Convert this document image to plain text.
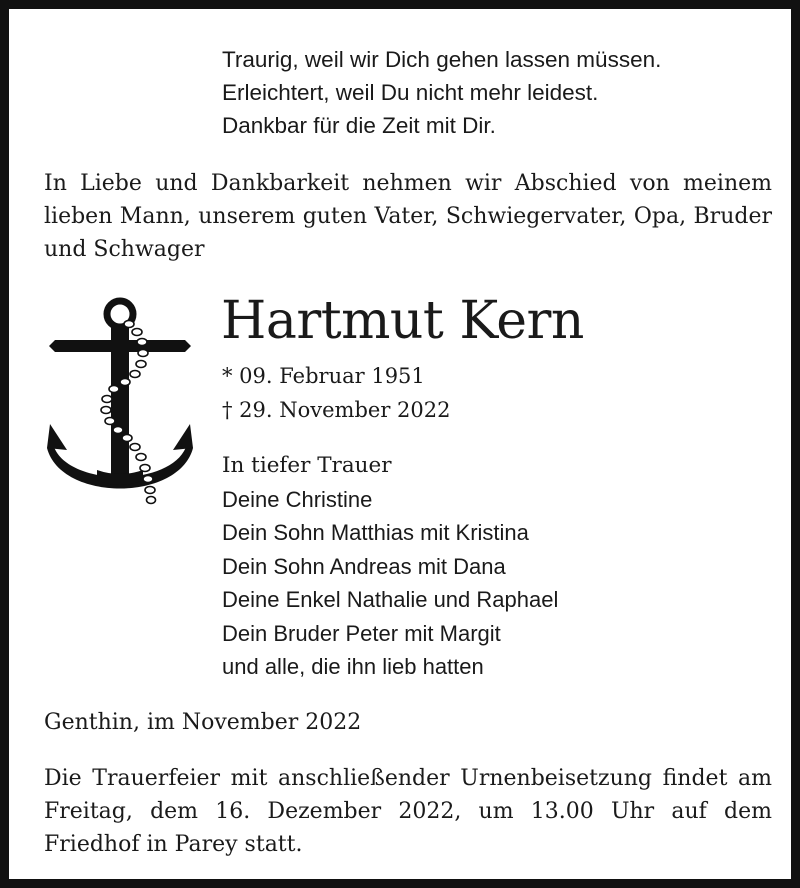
Traurig, weil wir Dich gehen lassen müssen.
Erleichtert, weil Du nicht mehr leidest.
Dankbar für die Zeit mit Dir.
In Liebe und Dankbarkeit nehmen wir Abschied von meinem lieben Mann, unserem guten Vater, Schwiegervater, Opa, Bruder und Schwager
Hartmut Kern
* 09. Februar 1951
† 29. November 2022
In tiefer Trauer
Deine Christine
Dein Sohn Matthias mit Kristina
Dein Sohn Andreas mit Dana
Deine Enkel Nathalie und Raphael
Dein Bruder Peter mit Margit
und alle, die ihn lieb hatten
Genthin, im November 2022
Die Trauerfeier mit anschließender Urnenbeisetzung findet am Freitag, dem 16. Dezember 2022, um 13.00 Uhr auf dem Friedhof in Parey statt.
